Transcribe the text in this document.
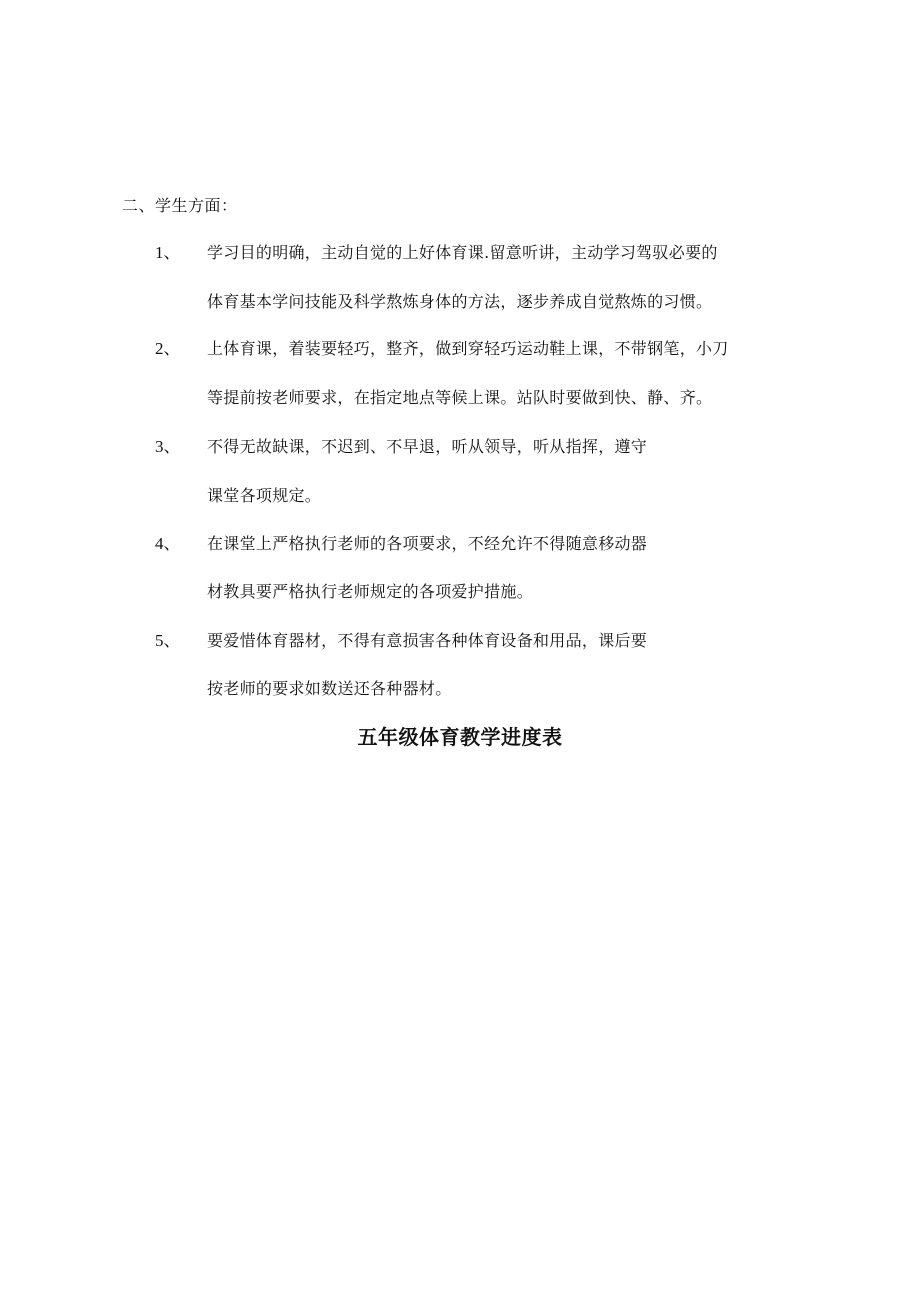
二、学生方面：
1、 学习目的明确，主动自觉的上好体育课.留意听讲，主动学习驾驭必要的
体育基本学问技能及科学熬炼身体的方法，逐步养成自觉熬炼的习惯。
2、 上体育课，着装要轻巧，整齐，做到穿轻巧运动鞋上课，不带钢笔，小刀
等提前按老师要求，在指定地点等候上课。站队时要做到快、静、齐。
3、 不得无故缺课，不迟到、不早退，听从领导，听从指挥，遵守
课堂各项规定。
4、 在课堂上严格执行老师的各项要求，不经允许不得随意移动器
材教具要严格执行老师规定的各项爱护措施。
5、 要爱惜体育器材，不得有意损害各种体育设备和用品，课后要
按老师的要求如数送还各种器材。
五年级体育教学进度表
